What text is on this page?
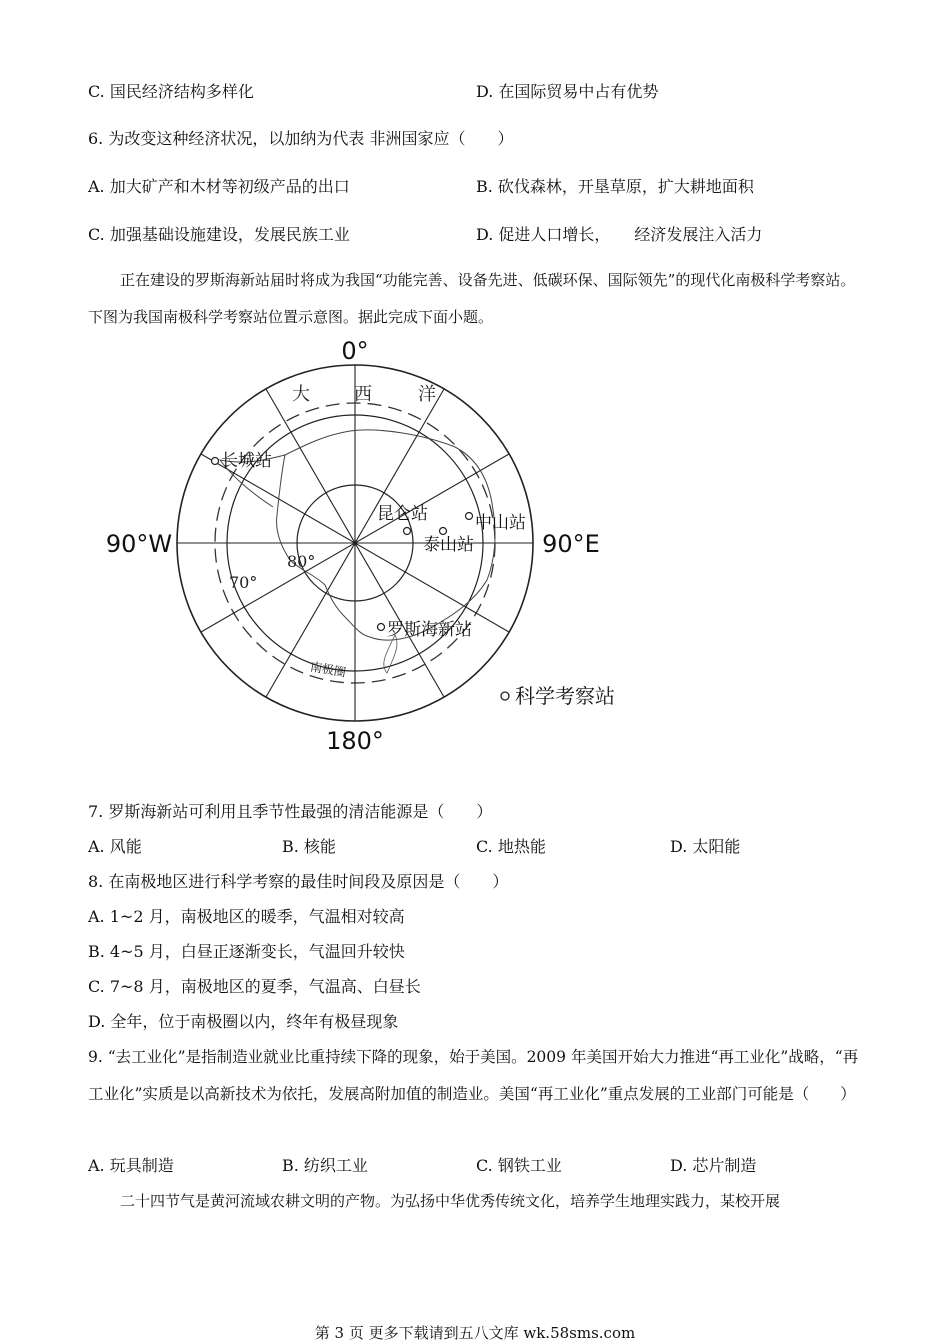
C. 国民经济结构多样化	D. 在国际贸易中占有优势
6. 为改变这种经济状况，以加纳为代表 非洲国家应（　　）
A. 加大矿产和木材等初级产品的出口	B. 砍伐森林，开垦草原，扩大耕地面积
C. 加强基础设施建设，发展民族工业	D. 促进人口增长，　　经济发展注入活力
正在建设的罗斯海新站届时将成为我国“功能完善、设备先进、低碳环保、国际领先”的现代化南极科学考察站。下图为我国南极科学考察站位置示意图。据此完成下面小题。
0°
180°
90°W	90°E
大 西	洋
长城站
昆仑站	中山站
泰山站
罗斯海新站
80°
70°
南极圈
科学考察站
7. 罗斯海新站可利用且季节性最强的清洁能源是（　　）
A. 风能	B. 核能	C. 地热能	D. 太阳能
8. 在南极地区进行科学考察的最佳时间段及原因是（　　）
A. 1~2 月，南极地区的暖季，气温相对较高
B. 4~5 月，白昼正逐渐变长，气温回升较快
C. 7~8 月，南极地区的夏季，气温高、白昼长
D. 全年，位于南极圈以内，终年有极昼现象
9. “去工业化”是指制造业就业比重持续下降的现象，始于美国。2009 年美国开始大力推进“再工业化”战略，“再工业化”实质是以高新技术为依托，发展高附加值的制造业。美国“再工业化”重点发展的工业部门可能是（　　）
A. 玩具制造	B. 纺织工业	C. 钢铁工业	D. 芯片制造
二十四节气是黄河流域农耕文明的产物。为弘扬中华优秀传统文化，培养学生地理实践力，某校开展
第 3 页 更多下载请到五八文库 wk.58sms.com
